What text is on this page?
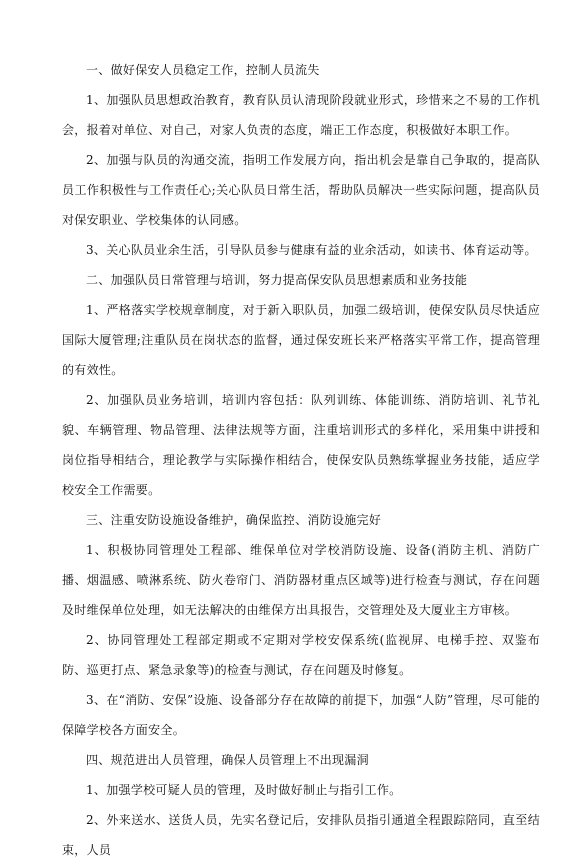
一、做好保安人员稳定工作，控制人员流失

1、加强队员思想政治教育，教育队员认清现阶段就业形式，珍惜来之不易的工作机会，报着对单位、对自己，对家人负责的态度，端正工作态度，积极做好本职工作。

2、加强与队员的沟通交流，指明工作发展方向，指出机会是靠自己争取的，提高队员工作积极性与工作责任心;关心队员日常生活，帮助队员解决一些实际问题，提高队员对保安职业、学校集体的认同感。

3、关心队员业余生活，引导队员参与健康有益的业余活动，如读书、体育运动等。

二、加强队员日常管理与培训，努力提高保安队员思想素质和业务技能

1、严格落实学校规章制度，对于新入职队员，加强二级培训，使保安队员尽快适应国际大厦管理;注重队员在岗状态的监督，通过保安班长来严格落实平常工作，提高管理的有效性。

2、加强队员业务培训，培训内容包括：队列训练、体能训练、消防培训、礼节礼貌、车辆管理、物品管理、法律法规等方面，注重培训形式的多样化，采用集中讲授和岗位指导相结合，理论教学与实际操作相结合，使保安队员熟练掌握业务技能，适应学校安全工作需要。

三、注重安防设施设备维护，确保监控、消防设施完好

1、积极协同管理处工程部、维保单位对学校消防设施、设备(消防主机、消防广播、烟温感、喷淋系统、防火卷帘门、消防器材重点区域等)进行检查与测试，存在问题及时维保单位处理，如无法解决的由维保方出具报告，交管理处及大厦业主方审核。

2、协同管理处工程部定期或不定期对学校安保系统(监视屏、电梯手控、双鉴布防、巡更打点、紧急录象等)的检查与测试，存在问题及时修复。

3、在“消防、安保”设施、设备部分存在故障的前提下，加强“人防”管理，尽可能的保障学校各方面安全。

四、规范进出人员管理，确保人员管理上不出现漏洞

1、加强学校可疑人员的管理，及时做好制止与指引工作。

2、外来送水、送货人员，先实名登记后，安排队员指引通道全程跟踪陪同，直至结束，人员
